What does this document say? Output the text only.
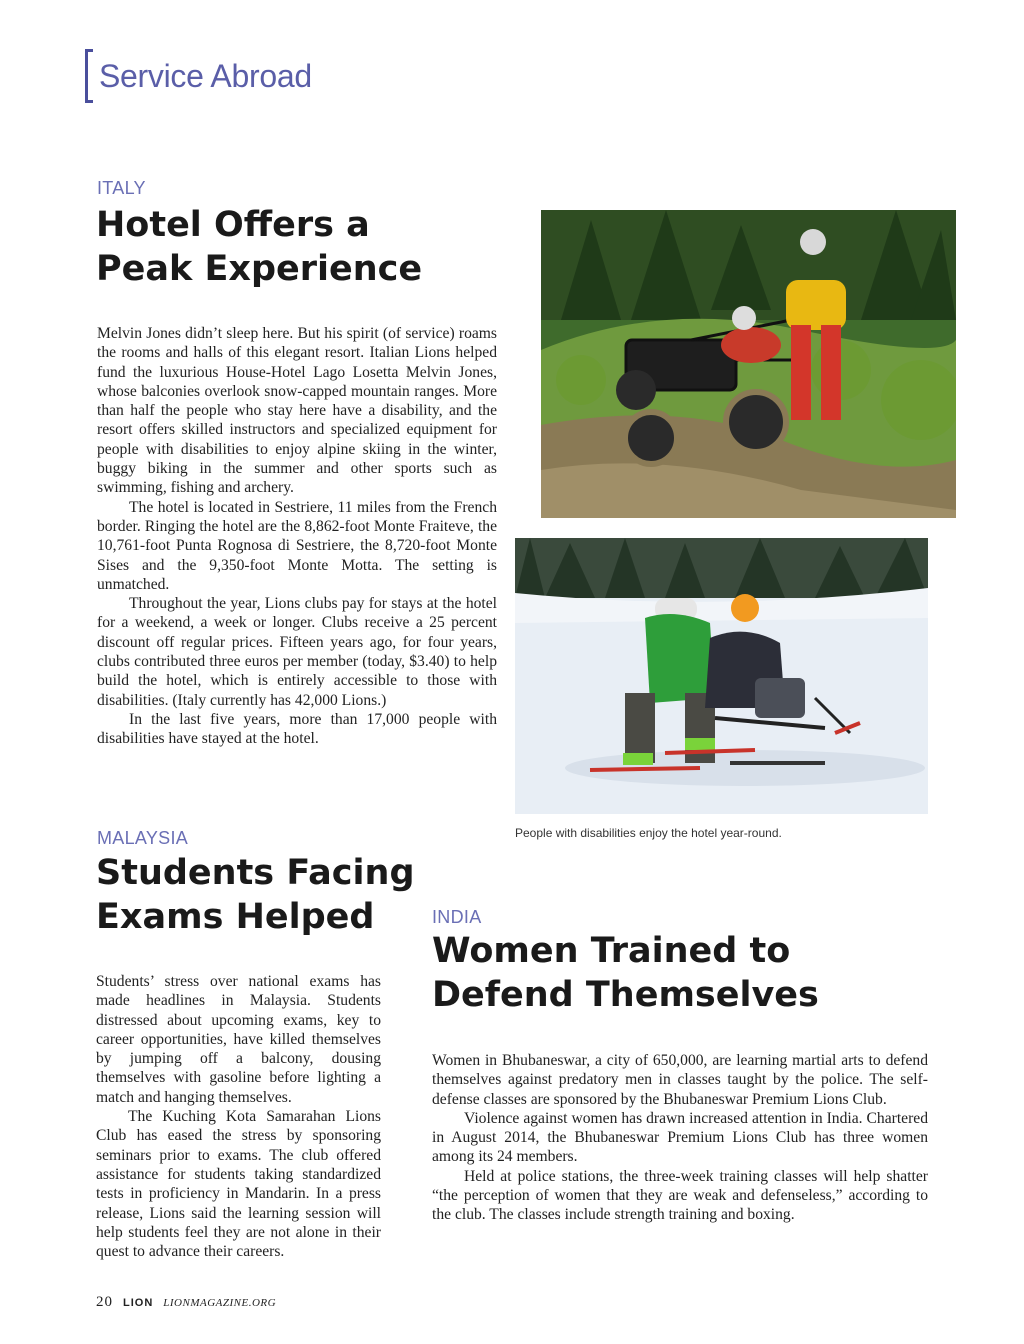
Service Abroad
ITALY
Hotel Offers a
Peak Experience

Melvin Jones didn’t sleep here. But his spirit (of service) roams the rooms and halls of this elegant resort. Italian Lions helped fund the luxurious House-Hotel Lago Losetta Melvin Jones, whose balconies overlook snow-capped mountain ranges. More than half the people who stay here have a disability, and the resort offers skilled instructors and specialized equipment for people with disabilities to enjoy alpine skiing in the winter, buggy biking in the summer and other sports such as swimming, fishing and archery.

The hotel is located in Sestriere, 11 miles from the French border. Ringing the hotel are the 8,862-foot Monte Fraiteve, the 10,761-foot Punta Rognosa di Sestriere, the 8,720-foot Monte Sises and the 9,350-foot Monte Motta. The setting is unmatched.

Throughout the year, Lions clubs pay for stays at the hotel for a weekend, a week or longer. Clubs receive a 25 percent discount off regular prices. Fifteen years ago, for four years, clubs contributed three euros per member (today, $3.40) to help build the hotel, which is entirely accessible to those with disabilities. (Italy currently has 42,000 Lions.)

In the last five years, more than 17,000 people with disabilities have stayed at the hotel.

People with disabilities enjoy the hotel year-round.
MALAYSIA
Students Facing
Exams Helped

Students’ stress over national exams has made headlines in Malaysia. Students distressed about upcoming exams, key to career opportunities, have killed themselves by jumping off a balcony, dousing themselves with gasoline before lighting a match and hanging themselves.

The Kuching Kota Samarahan Lions Club has eased the stress by sponsoring seminars prior to exams. The club offered assistance for students taking standardized tests in proficiency in Mandarin. In a press release, Lions said the learning session will help students feel they are not alone in their quest to advance their careers.

INDIA
Women Trained to
Defend Themselves

Women in Bhubaneswar, a city of 650,000, are learning martial arts to defend themselves against predatory men in classes taught by the police. The self-defense classes are sponsored by the Bhubaneswar Premium Lions Club.

Violence against women has drawn increased attention in India. Chartered in August 2014, the Bhubaneswar Premium Lions Club has three women among its 24 members.

Held at police stations, the three-week training classes will help shatter “the perception of women that they are weak and defenseless,” according to the club. The classes include strength training and boxing.

20 LION LIONMAGAZINE.ORG
